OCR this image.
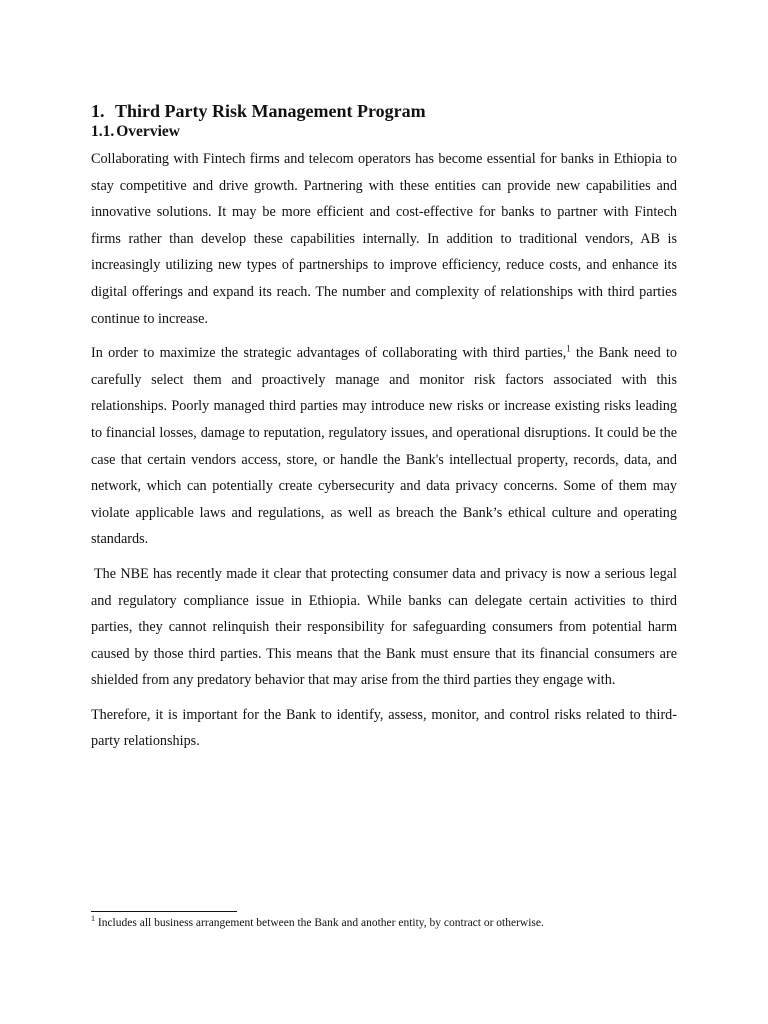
1. Third Party Risk Management Program
1.1. Overview

Collaborating with Fintech firms and telecom operators has become essential for banks in Ethiopia to stay competitive and drive growth. Partnering with these entities can provide new capabilities and innovative solutions. It may be more efficient and cost-effective for banks to partner with Fintech firms rather than develop these capabilities internally. In addition to traditional vendors, AB is increasingly utilizing new types of partnerships to improve efficiency, reduce costs, and enhance its digital offerings and expand its reach. The number and complexity of relationships with third parties continue to increase.

In order to maximize the strategic advantages of collaborating with third parties,$^1$ the Bank need to carefully select them and proactively manage and monitor risk factors associated with this relationships. Poorly managed third parties may introduce new risks or increase existing risks leading to financial losses, damage to reputation, regulatory issues, and operational disruptions. It could be the case that certain vendors access, store, or handle the Bank's intellectual property, records, data, and network, which can potentially create cybersecurity and data privacy concerns. Some of them may violate applicable laws and regulations, as well as breach the Bank’s ethical culture and operating standards.

The NBE has recently made it clear that protecting consumer data and privacy is now a serious legal and regulatory compliance issue in Ethiopia. While banks can delegate certain activities to third parties, they cannot relinquish their responsibility for safeguarding consumers from potential harm caused by those third parties. This means that the Bank must ensure that its financial consumers are shielded from any predatory behavior that may arise from the third parties they engage with.

Therefore, it is important for the Bank to identify, assess, monitor, and control risks related to third-party relationships.

$^1$ Includes all business arrangement between the Bank and another entity, by contract or otherwise.
